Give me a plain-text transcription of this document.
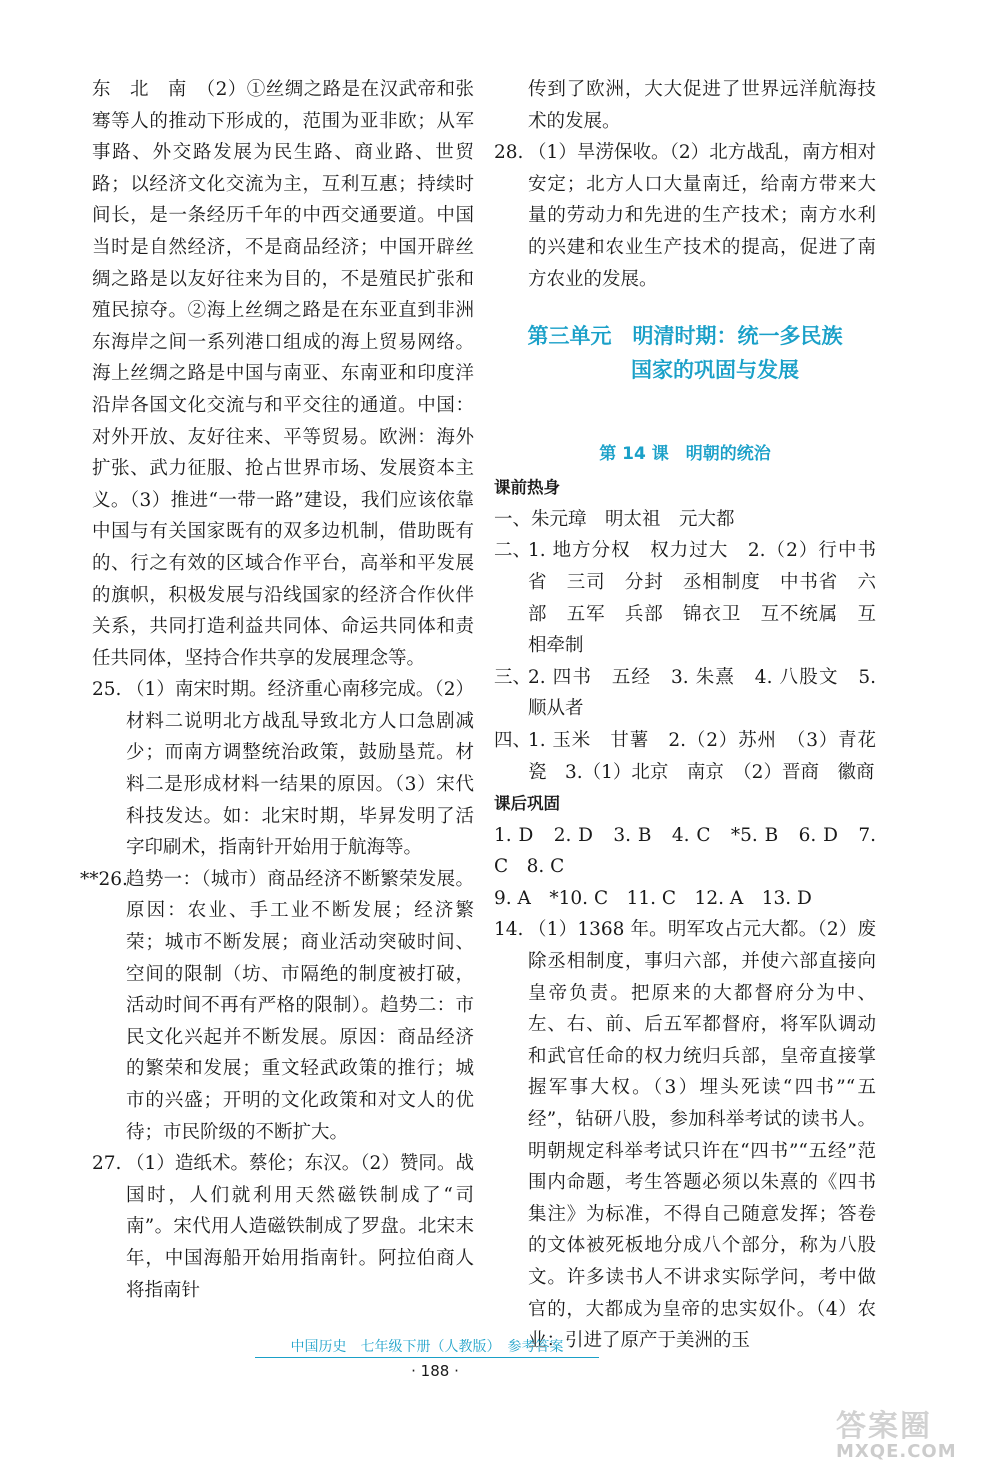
东　北　南　（2）①丝绸之路是在汉武帝和张骞等人的推动下形成的，范围为亚非欧；从军事路、外交路发展为民生路、商业路、世贸路；以经济文化交流为主，互利互惠；持续时间长，是一条经历千年的中西交通要道。中国当时是自然经济，不是商品经济；中国开辟丝绸之路是以友好往来为目的，不是殖民扩张和殖民掠夺。②海上丝绸之路是在东亚直到非洲东海岸之间一系列港口组成的海上贸易网络。海上丝绸之路是中国与南亚、东南亚和印度洋沿岸各国文化交流与和平交往的通道。中国：对外开放、友好往来、平等贸易。欧洲：海外扩张、武力征服、抢占世界市场、发展资本主义。（3）推进“一带一路”建设，我们应该依靠中国与有关国家既有的双多边机制，借助既有的、行之有效的区域合作平台，高举和平发展的旗帜，积极发展与沿线国家的经济合作伙伴关系，共同打造利益共同体、命运共同体和责任共同体，坚持合作共享的发展理念等。

25. （1）南宋时期。经济重心南移完成。（2）材料二说明北方战乱导致北方人口急剧减少；而南方调整统治政策，鼓励垦荒。材料二是形成材料一结果的原因。（3）宋代科技发达。如：北宋时期，毕昇发明了活字印刷术，指南针开始用于航海等。

**26.
趋势一：（城市）商品经济不断繁荣发展。原因：农业、手工业不断发展；经济繁荣；城市不断发展；商业活动突破时间、空间的限制（坊、市隔绝的制度被打破，活动时间不再有严格的限制）。趋势二：市民文化兴起并不断发展。原因：商品经济的繁荣和发展；重文轻武政策的推行；城市的兴盛；开明的文化政策和对文人的优待；市民阶级的不断扩大。

27. （1）造纸术。蔡伦；东汉。（2）赞同。战国时，人们就利用天然磁铁制成了“司南”。宋代用人造磁铁制成了罗盘。北宋末年，中国海船开始用指南针。阿拉伯商人将指南针

传到了欧洲，大大促进了世界远洋航海技术的发展。

28. （1）旱涝保收。（2）北方战乱，南方相对安定；北方人口大量南迁，给南方带来大量的劳动力和先进的生产技术；南方水利的兴建和农业生产技术的提高，促进了南方农业的发展。

第三单元　明清时期：统一多民族
国家的巩固与发展
第 14 课　明朝的统治

课前热身

一、朱元璋　明太祖　元大都

二、
1. 地方分权　权力过大　2.（2）行中书省　三司　分封　丞相制度　中书省　六部　五军　兵部　锦衣卫　互不统属　互相牵制

三、
2. 四书　五经　3. 朱熹　4. 八股文　5. 顺从者

四、
1. 玉米　甘薯　2.（2）苏州　（3）青花瓷　3.（1）北京　南京　（2）晋商　徽商

课后巩固

1. D　2. D　3. B　4. C　*5. B　6. D　7. C　8. C

9. A　*10. C　11. C　12. A　13. D

14. （1）1368 年。明军攻占元大都。（2）废除丞相制度，事归六部，并使六部直接向皇帝负责。把原来的大都督府分为中、左、右、前、后五军都督府，将军队调动和武官任命的权力统归兵部，皇帝直接掌握军事大权。（3）埋头死读“四书”“五经”，钻研八股，参加科举考试的读书人。明朝规定科举考试只许在“四书”“五经”范围内命题，考生答题必须以朱熹的《四书集注》为标准，不得自己随意发挥；答卷的文体被死板地分成八个部分，称为八股文。许多读书人不讲求实际学问，考中做官的，大都成为皇帝的忠实奴仆。（4）农业：引进了原产于美洲的玉

中国历史　七年级下册（人教版）　参考答案
· 188 ·
答案圈
MXQE.COM
